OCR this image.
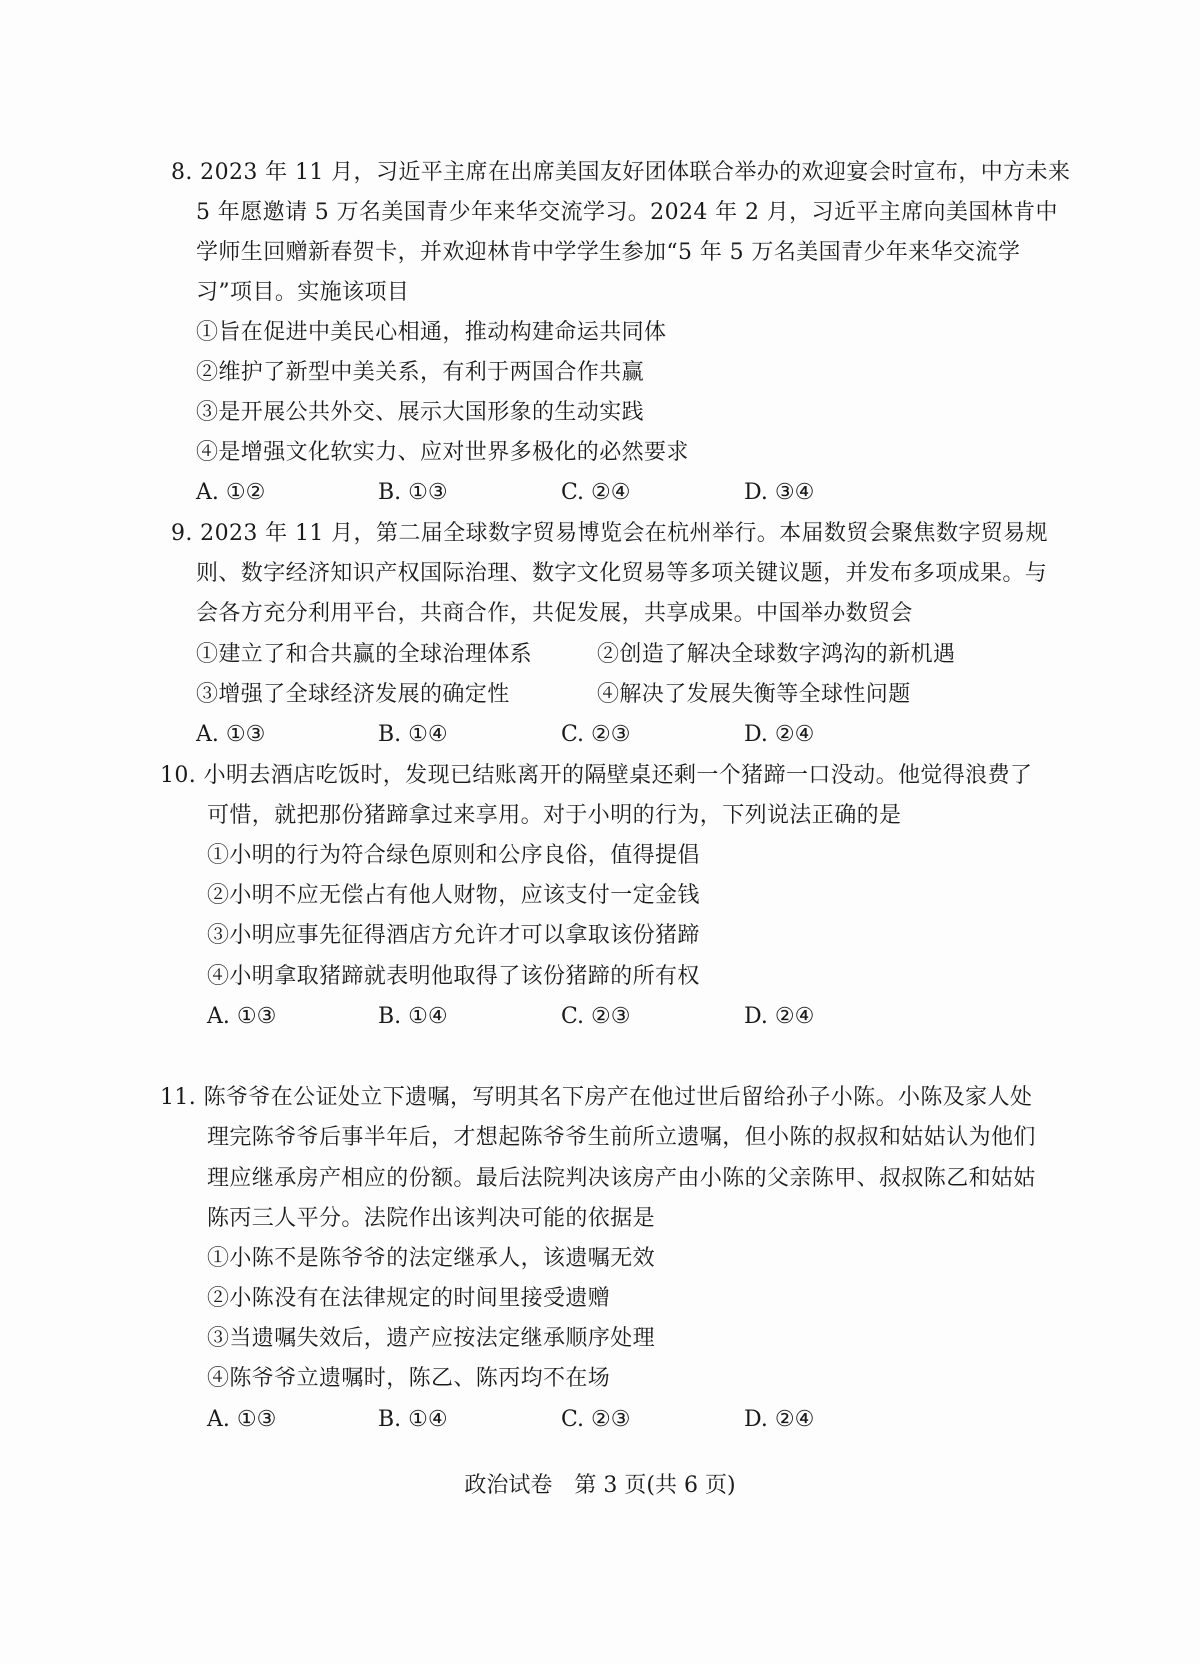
8. 2023 年 11 月，习近平主席在出席美国友好团体联合举办的欢迎宴会时宣布，中方未来
5 年愿邀请 5 万名美国青少年来华交流学习。2024 年 2 月，习近平主席向美国林肯中
学师生回赠新春贺卡，并欢迎林肯中学学生参加“5 年 5 万名美国青少年来华交流学
习”项目。实施该项目
①旨在促进中美民心相通，推动构建命运共同体
②维护了新型中美关系，有利于两国合作共赢
③是开展公共外交、展示大国形象的生动实践
④是增强文化软实力、应对世界多极化的必然要求
A. ①②	B. ①③	C. ②④	D. ③④
9. 2023 年 11 月，第二届全球数字贸易博览会在杭州举行。本届数贸会聚焦数字贸易规
则、数字经济知识产权国际治理、数字文化贸易等多项关键议题，并发布多项成果。与
会各方充分利用平台，共商合作，共促发展，共享成果。中国举办数贸会
①建立了和合共赢的全球治理体系	②创造了解决全球数字鸿沟的新机遇
③增强了全球经济发展的确定性	④解决了发展失衡等全球性问题
A. ①③	B. ①④	C. ②③	D. ②④
10. 小明去酒店吃饭时，发现已结账离开的隔壁桌还剩一个猪蹄一口没动。他觉得浪费了
可惜，就把那份猪蹄拿过来享用。对于小明的行为，下列说法正确的是
①小明的行为符合绿色原则和公序良俗，值得提倡
②小明不应无偿占有他人财物，应该支付一定金钱
③小明应事先征得酒店方允许才可以拿取该份猪蹄
④小明拿取猪蹄就表明他取得了该份猪蹄的所有权
A. ①③	B. ①④	C. ②③	D. ②④
11. 陈爷爷在公证处立下遗嘱，写明其名下房产在他过世后留给孙子小陈。小陈及家人处
理完陈爷爷后事半年后，才想起陈爷爷生前所立遗嘱，但小陈的叔叔和姑姑认为他们
理应继承房产相应的份额。最后法院判决该房产由小陈的父亲陈甲、叔叔陈乙和姑姑
陈丙三人平分。法院作出该判决可能的依据是
①小陈不是陈爷爷的法定继承人，该遗嘱无效
②小陈没有在法律规定的时间里接受遗赠
③当遗嘱失效后，遗产应按法定继承顺序处理
④陈爷爷立遗嘱时，陈乙、陈丙均不在场
A. ①③	B. ①④	C. ②③	D. ②④
政治试卷　第 3 页(共 6 页)
